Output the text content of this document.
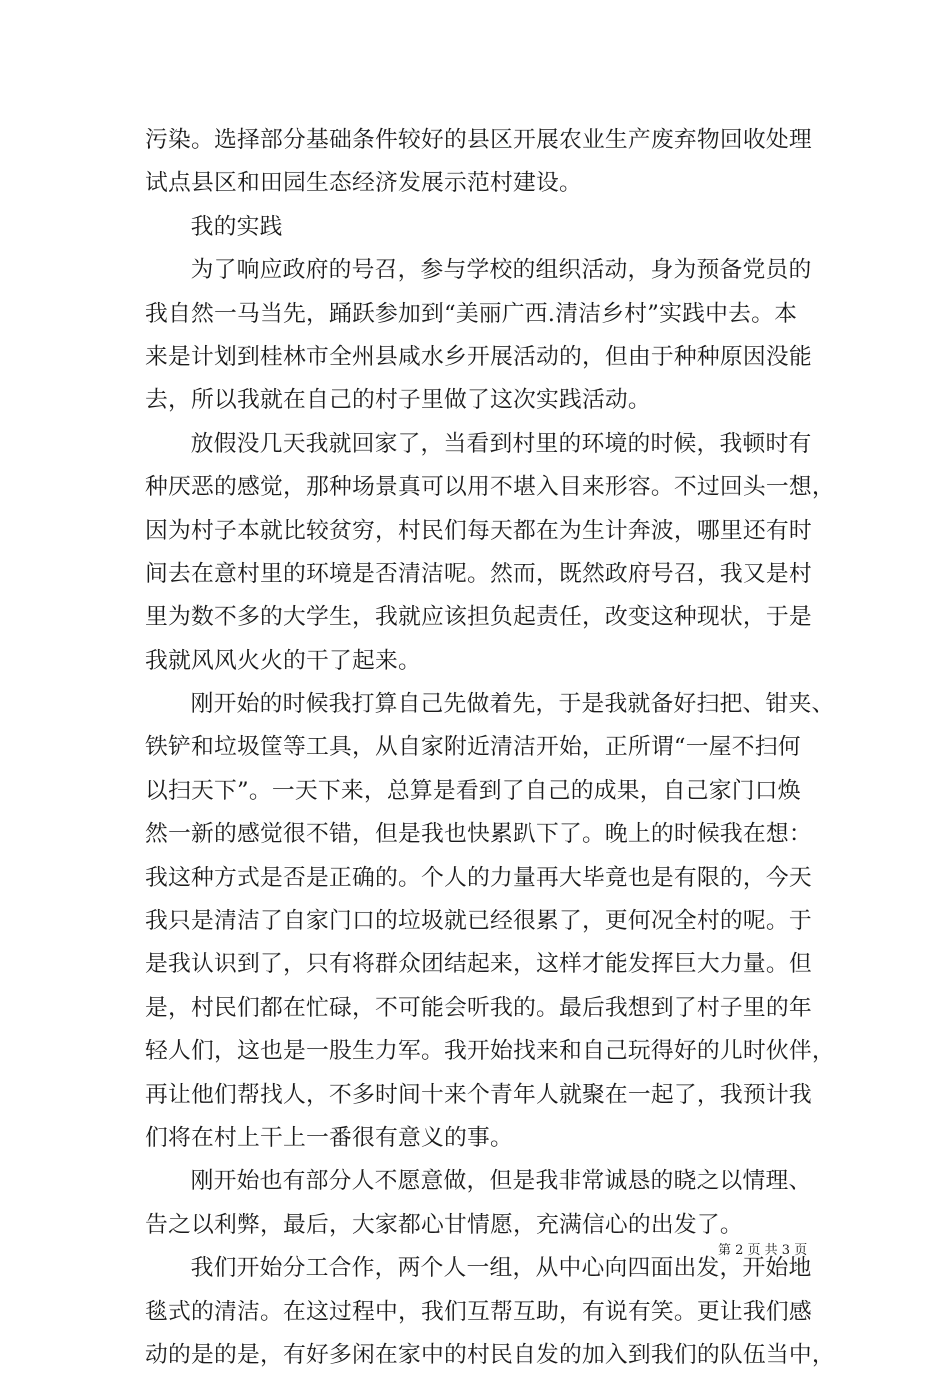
污染。选择部分基础条件较好的县区开展农业生产废弃物回收处理
试点县区和田园生态经济发展示范村建设。
我的实践
为了响应政府的号召，参与学校的组织活动，身为预备党员的
我自然一马当先，踊跃参加到“美丽广西.清洁乡村”实践中去。本
来是计划到桂林市全州县咸水乡开展活动的，但由于种种原因没能
去，所以我就在自己的村子里做了这次实践活动。
放假没几天我就回家了，当看到村里的环境的时候，我顿时有
种厌恶的感觉，那种场景真可以用不堪入目来形容。不过回头一想，
因为村子本就比较贫穷，村民们每天都在为生计奔波，哪里还有时
间去在意村里的环境是否清洁呢。然而，既然政府号召，我又是村
里为数不多的大学生，我就应该担负起责任，改变这种现状，于是
我就风风火火的干了起来。
刚开始的时候我打算自己先做着先，于是我就备好扫把、钳夹、
铁铲和垃圾筐等工具，从自家附近清洁开始，正所谓“一屋不扫何
以扫天下”。一天下来，总算是看到了自己的成果，自己家门口焕
然一新的感觉很不错，但是我也快累趴下了。晚上的时候我在想：
我这种方式是否是正确的。个人的力量再大毕竟也是有限的，今天
我只是清洁了自家门口的垃圾就已经很累了，更何况全村的呢。于
是我认识到了，只有将群众团结起来，这样才能发挥巨大力量。但
是，村民们都在忙碌，不可能会听我的。最后我想到了村子里的年
轻人们，这也是一股生力军。我开始找来和自己玩得好的儿时伙伴，
再让他们帮找人，不多时间十来个青年人就聚在一起了，我预计我
们将在村上干上一番很有意义的事。
刚开始也有部分人不愿意做，但是我非常诚恳的晓之以情理、
告之以利弊，最后，大家都心甘情愿，充满信心的出发了。
我们开始分工合作，两个人一组，从中心向四面出发，开始地
毯式的清洁。在这过程中，我们互帮互助，有说有笑。更让我们感
动的是的是，有好多闲在家中的村民自发的加入到我们的队伍当中，
第 2 页 共 3 页
